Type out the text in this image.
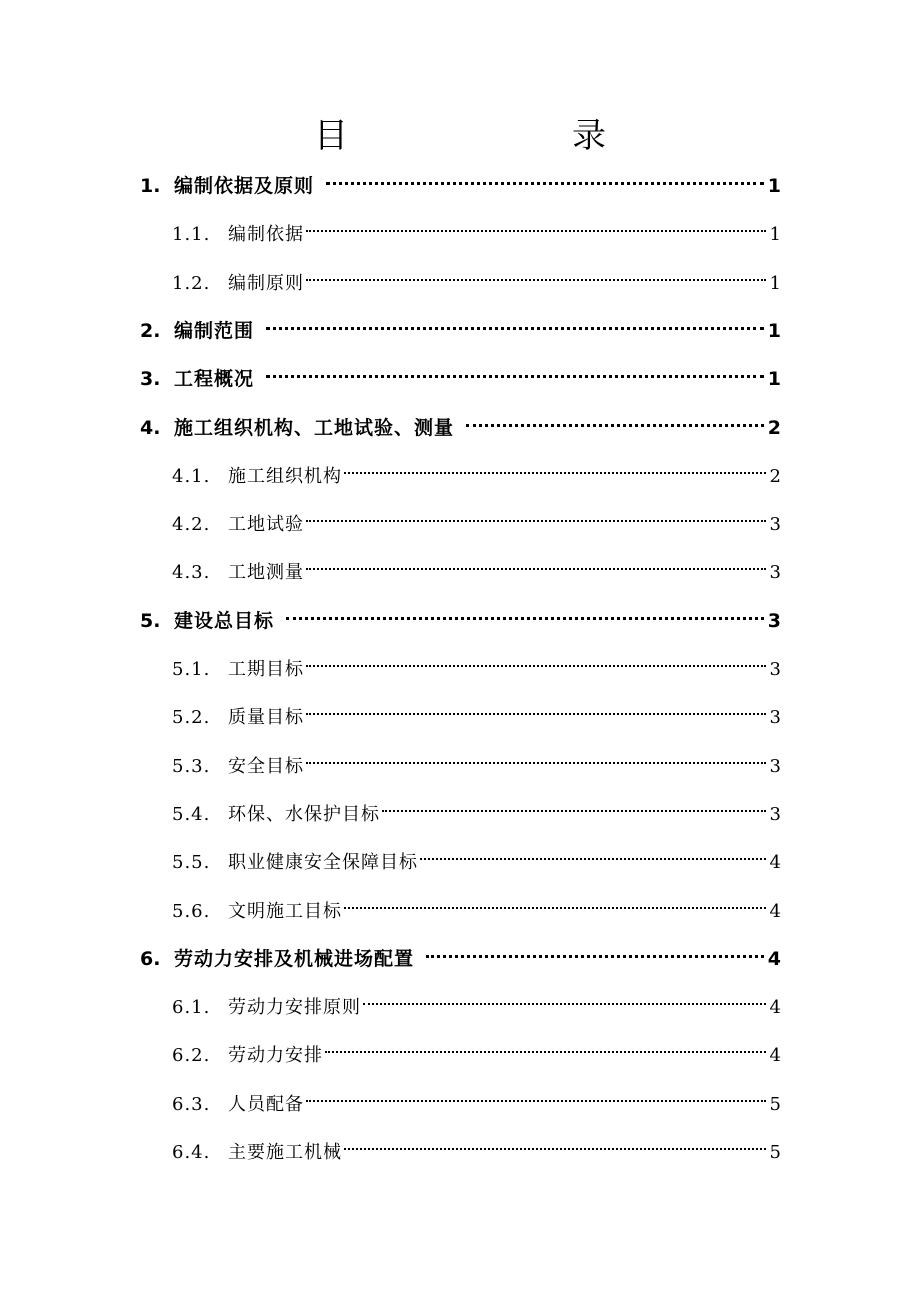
目　　录
1. 编制依据及原则	1
1.1. 编制依据	1
1.2. 编制原则	1
2. 编制范围	1
3. 工程概况	1
4. 施工组织机构、工地试验、测量	2
4.1. 施工组织机构	2
4.2. 工地试验	3
4.3. 工地测量	3
5. 建设总目标	3
5.1. 工期目标	3
5.2. 质量目标	3
5.3. 安全目标	3
5.4. 环保、水保护目标	3
5.5. 职业健康安全保障目标	4
5.6. 文明施工目标	4
6. 劳动力安排及机械进场配置	4
6.1. 劳动力安排原则	4
6.2. 劳动力安排	4
6.3. 人员配备	5
6.4. 主要施工机械	5
